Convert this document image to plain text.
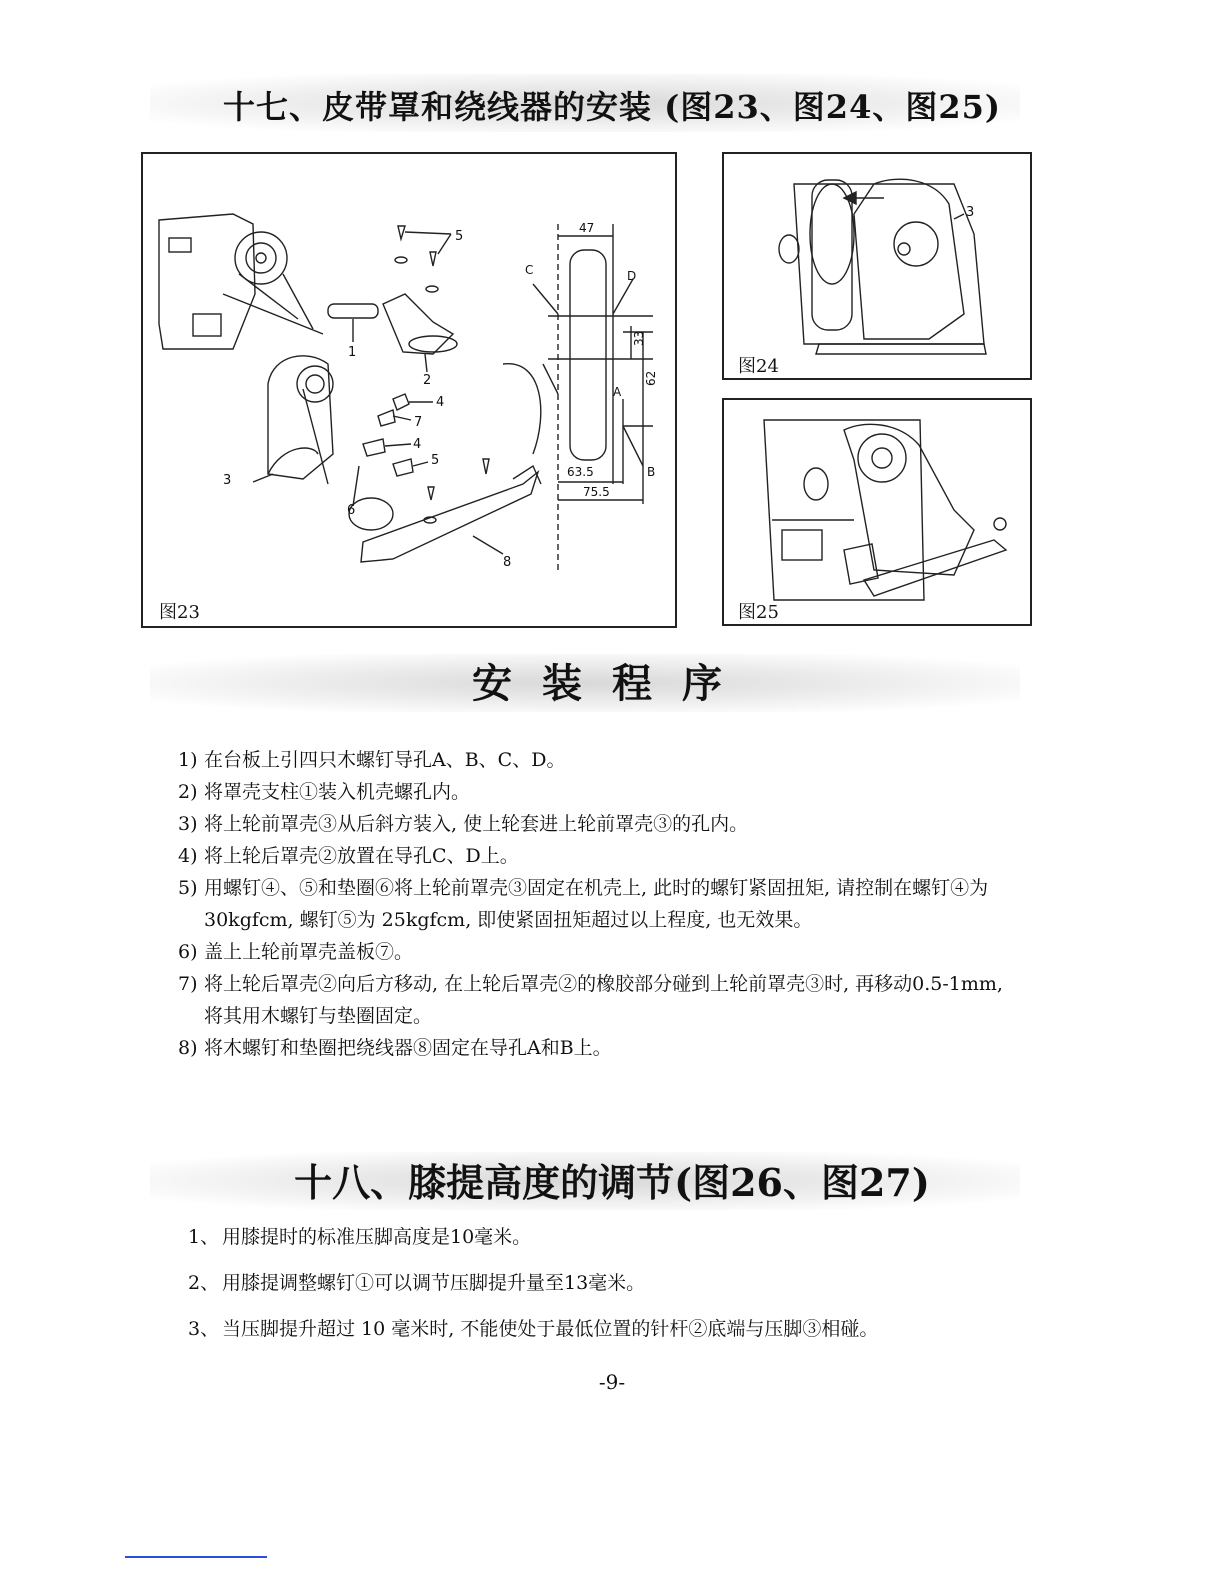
十七、皮带罩和绕线器的安装 (图23、图24、图25)
5
1
2
4
7
4
5
3
6
8
47
C	D
A
B
33
62
63.5
75.5
图23
3
图24
图25
安装程序
1) 在台板上引四只木螺钉导孔A、B、C、D。
2) 将罩壳支柱①装入机壳螺孔内。
3) 将上轮前罩壳③从后斜方装入, 使上轮套进上轮前罩壳③的孔内。
4) 将上轮后罩壳②放置在导孔C、D上。
5) 用螺钉④、⑤和垫圈⑥将上轮前罩壳③固定在机壳上, 此时的螺钉紧固扭矩, 请控制在螺钉④为30kgfcm, 螺钉⑤为 25kgfcm, 即使紧固扭矩超过以上程度, 也无效果。
6) 盖上上轮前罩壳盖板⑦。
7) 将上轮后罩壳②向后方移动, 在上轮后罩壳②的橡胶部分碰到上轮前罩壳③时, 再移动0.5-1mm, 将其用木螺钉与垫圈固定。
8) 将木螺钉和垫圈把绕线器⑧固定在导孔A和B上。
十八、膝提高度的调节(图26、图27)
1、 用膝提时的标准压脚高度是10毫米。
2、 用膝提调整螺钉①可以调节压脚提升量至13毫米。
3、 当压脚提升超过 10 毫米时, 不能使处于最低位置的针杆②底端与压脚③相碰。
-9-
